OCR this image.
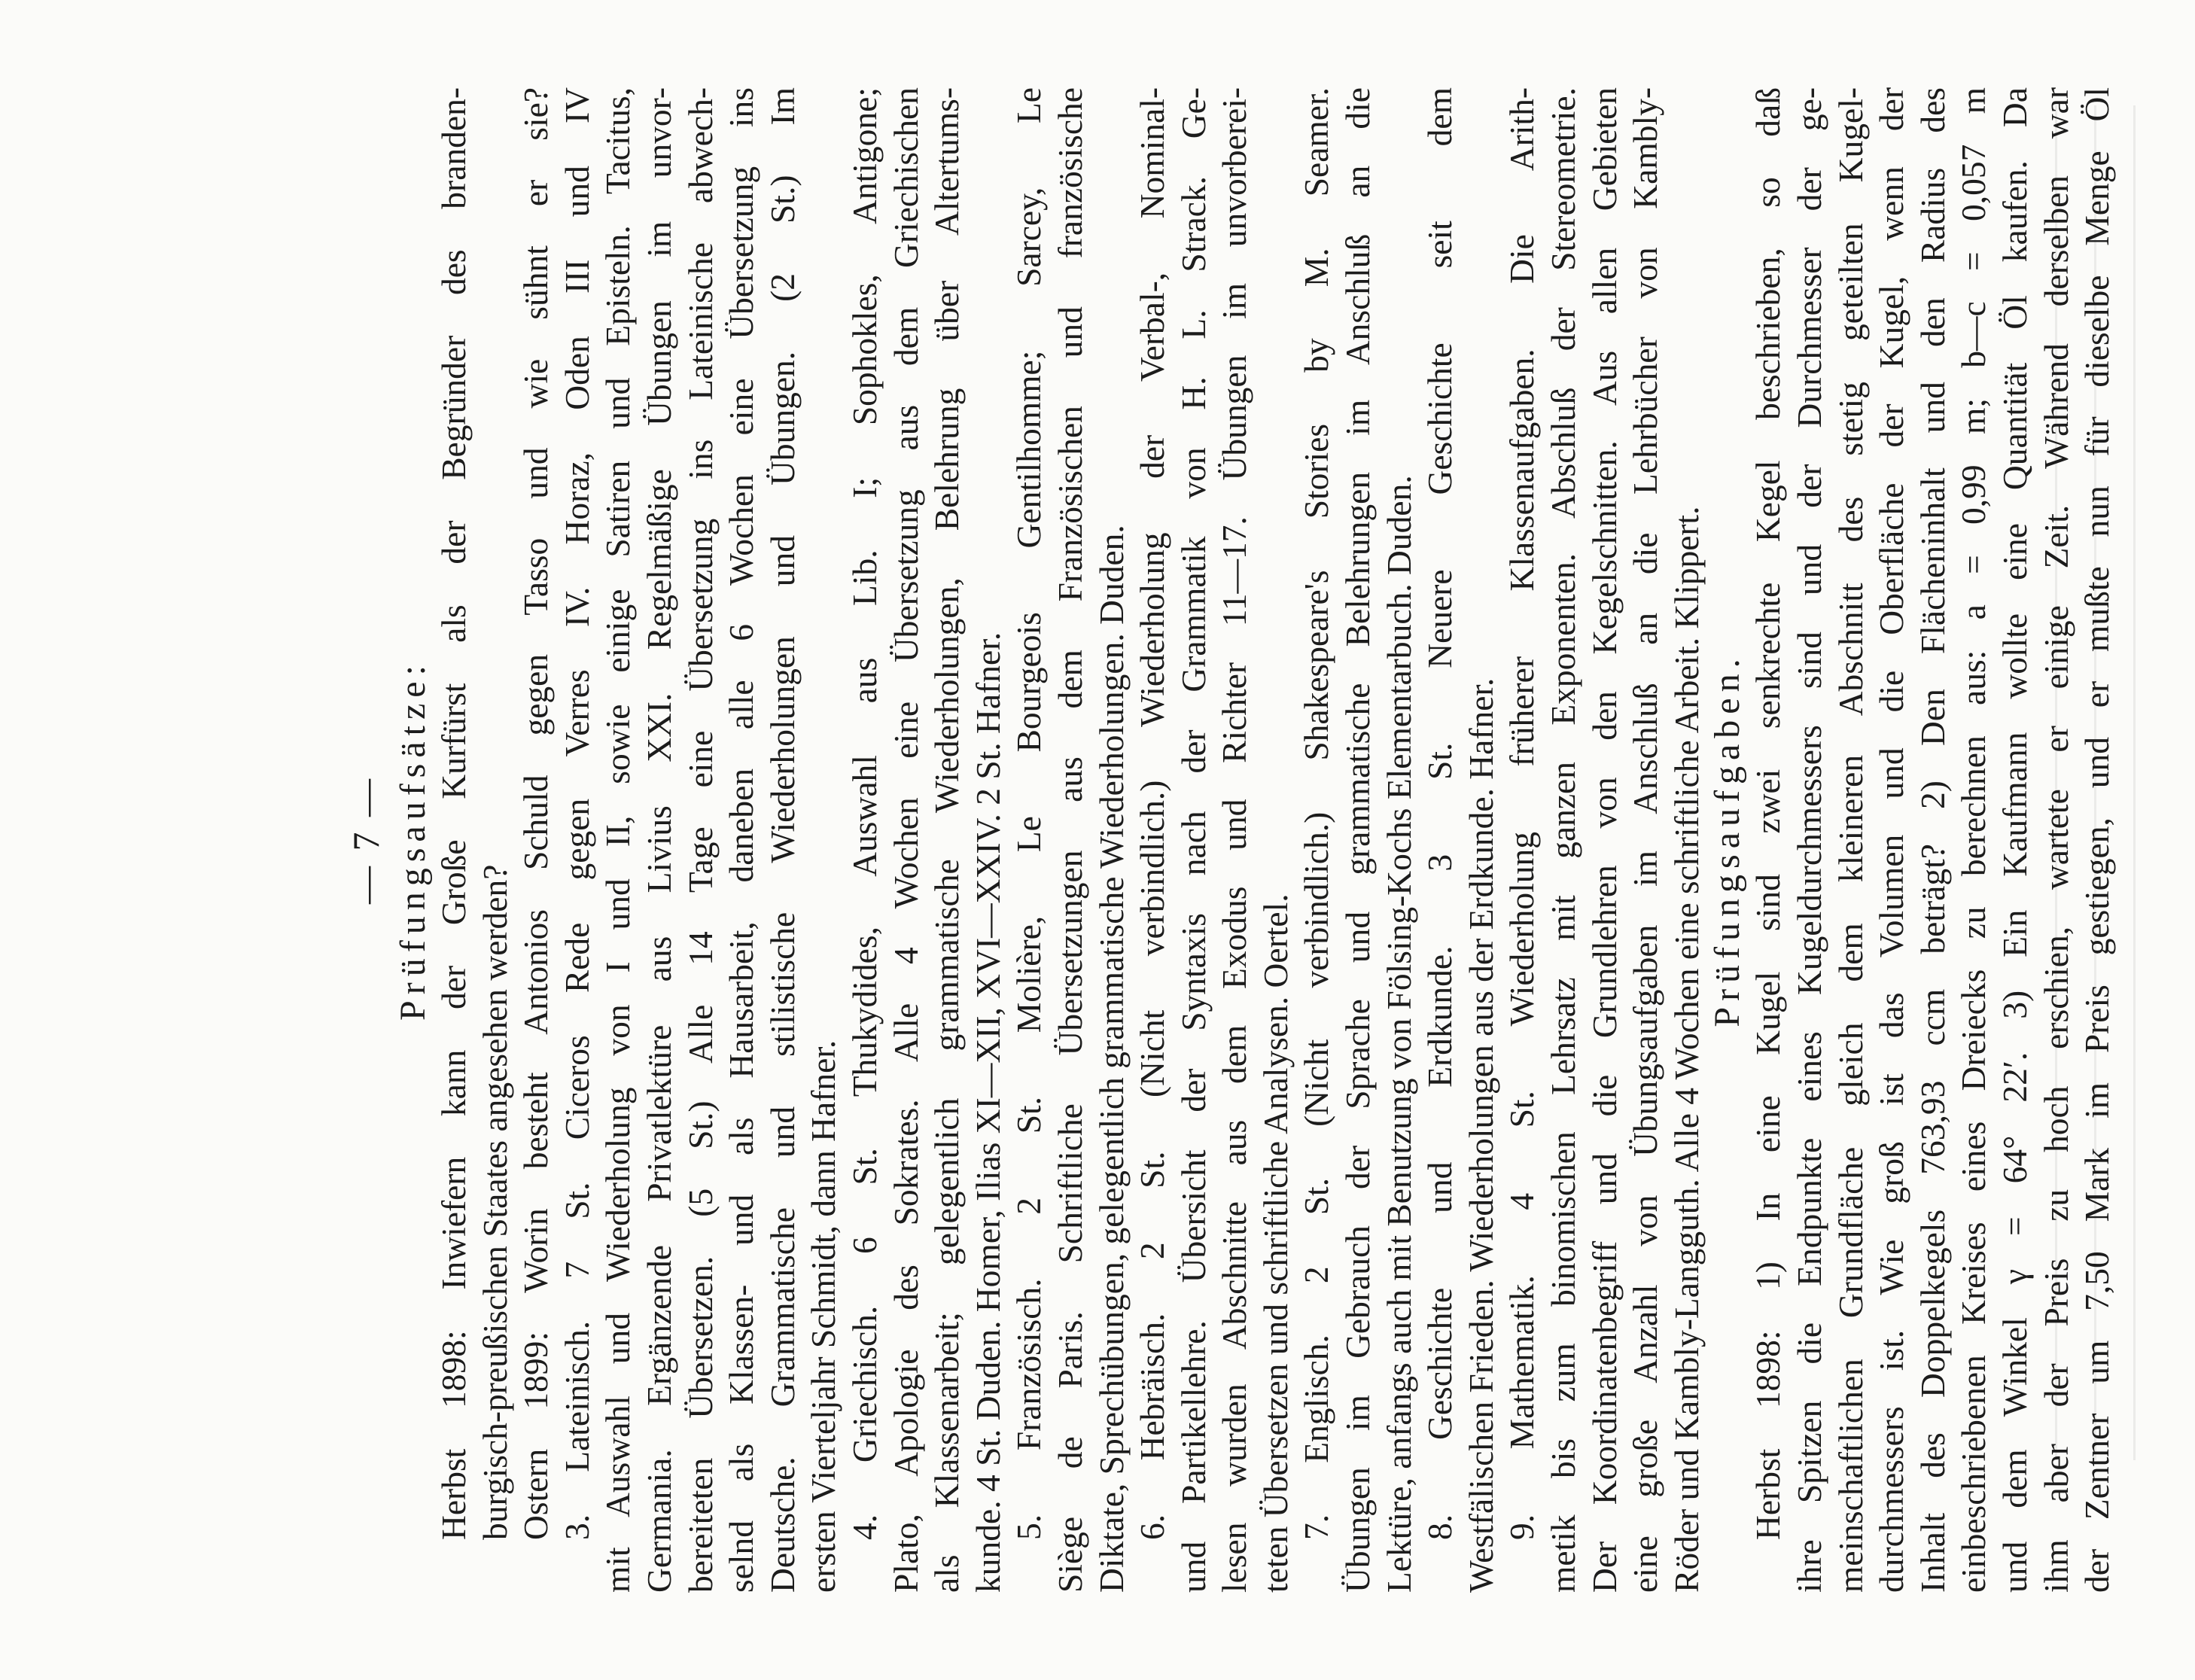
— 7 — Prüfungsaufsätze: Herbst 1898: Inwiefern kann der Große Kurfürst als der Begründer des branden- burgisch-preußischen Staates angesehen werden? Ostern 1899: Worin besteht Antonios Schuld gegen Tasso und wie sühnt er sie? 3. Lateinisch. 7 St. Ciceros Rede gegen Verres IV. Horaz, Oden III und IV mit Auswahl und Wiederholung von I und II, sowie einige Satiren und Episteln. Tacitus, Germania. Ergänzende Privatlektüre aus Livius XXI. Regelmäßige Übungen im unvor- bereiteten Übersetzen. (5 St.) Alle 14 Tage eine Übersetzung ins Lateinische abwech- selnd als Klassen- und als Hausarbeit, daneben alle 6 Wochen eine Übersetzung ins Deutsche. Grammatische und stilistische Wiederholungen und Übungen. (2 St.) Im ersten Vierteljahr Schmidt, dann Hafner. 4. Griechisch. 6 St. Thukydides, Auswahl aus Lib. I; Sophokles, Antigone; Plato, Apologie des Sokrates. Alle 4 Wochen eine Übersetzung aus dem Griechischen als Klassenarbeit; gelegentlich grammatische Wiederholungen, Belehrung über Altertums- kunde. 4 St. Duden. Homer, Ilias XI—XII, XVI—XXIV. 2 St. Hafner. 5. Französisch. 2 St. Molière, Le Bourgeois Gentilhomme; Sarcey, Le Siège de Paris. Schriftliche Übersetzungen aus dem Französischen und französische Diktate, Sprechübungen, gelegentlich grammatische Wiederholungen. Duden. 6. Hebräisch. 2 St. (Nicht verbindlich.) Wiederholung der Verbal-, Nominal- und Partikellehre. Übersicht der Syntaxis nach der Grammatik von H. L. Strack. Ge- lesen wurden Abschnitte aus dem Exodus und Richter 11—17. Übungen im unvorberei- teten Übersetzen und schriftliche Analysen. Oertel. 7. Englisch. 2 St. (Nicht verbindlich.) Shakespeare's Stories by M. Seamer. Übungen im Gebrauch der Sprache und grammatische Belehrungen im Anschluß an die Lektüre, anfangs auch mit Benutzung von Fölsing-Kochs Elementarbuch. Duden. 8. Geschichte und Erdkunde. 3 St. Neuere Geschichte seit dem Westfälischen Frieden. Wiederholungen aus der Erdkunde. Hafner. 9. Mathematik. 4 St. Wiederholung früherer Klassenaufgaben. Die Arith- metik bis zum binomischen Lehrsatz mit ganzen Exponenten. Abschluß der Stereometrie. Der Koordinatenbegriff und die Grundlehren von den Kegelschnitten. Aus allen Gebieten eine große Anzahl von Übungsaufgaben im Anschluß an die Lehrbücher von Kambly- Röder und Kambly-Langguth. Alle 4 Wochen eine schriftliche Arbeit. Klippert. Prüfungsaufgaben. Herbst 1898: 1) In eine Kugel sind zwei senkrechte Kegel beschrieben, so daß ihre Spitzen die Endpunkte eines Kugeldurchmessers sind und der Durchmesser der ge- meinschaftlichen Grundfläche gleich dem kleineren Abschnitt des stetig geteilten Kugel- durchmessers ist. Wie groß ist das Volumen und die Oberfläche der Kugel, wenn der Inhalt des Doppelkegels 763,93 ccm beträgt? 2) Den Flächeninhalt und den Radius des einbeschriebenen Kreises eines Dreiecks zu berechnen aus: a = 0,99 m; b—c = 0,057 m und dem Winkel γ = 64° 22′. 3) Ein Kaufmann wollte eine Quantität Öl kaufen. Da ihm aber der Preis zu hoch erschien, wartete er einige Zeit. Während derselben war der Zentner um 7,50 Mark im Preis gestiegen, und er mußte nun für dieselbe Menge Öl
